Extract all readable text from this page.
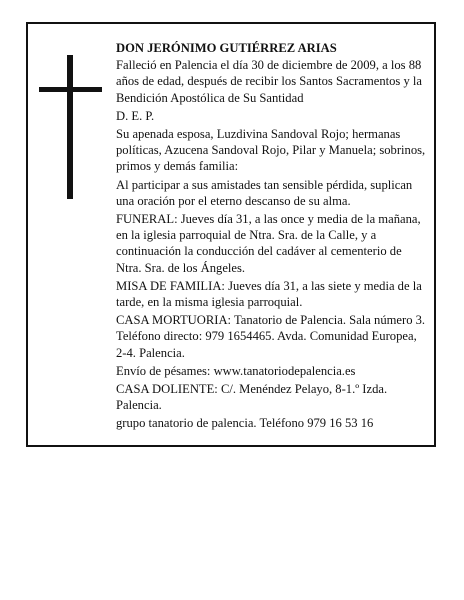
DON JERÓNIMO GUTIÉRREZ ARIAS

Falleció en Palencia el día 30 de diciembre de 2009, a los 88 años de edad, después de recibir los Santos Sacramentos y la Bendición Apostólica de Su Santidad

D. E. P.

Su apenada esposa, Luzdivina Sandoval Rojo; hermanas políticas, Azucena Sandoval Rojo, Pilar y Manuela; sobrinos, primos y demás familia:

Al participar a sus amistades tan sensible pérdida, suplican una oración por el eterno descanso de su alma.

FUNERAL: Jueves día 31, a las once y media de la mañana, en la iglesia parroquial de Ntra. Sra. de la Calle, y a continuación la conducción del cadáver al cementerio de Ntra. Sra. de los Ángeles.

MISA DE FAMILIA: Jueves día 31, a las siete y media de la tarde, en la misma iglesia parroquial.

CASA MORTUORIA: Tanatorio de Palencia. Sala número 3. Teléfono directo: 979 1654465. Avda. Comunidad Europea, 2-4. Palencia.

Envío de pésames: www.tanatoriodepalencia.es

CASA DOLIENTE: C/. Menéndez Pelayo, 8-1.º Izda. Palencia.

grupo tanatorio de palencia. Teléfono 979 16 53 16
